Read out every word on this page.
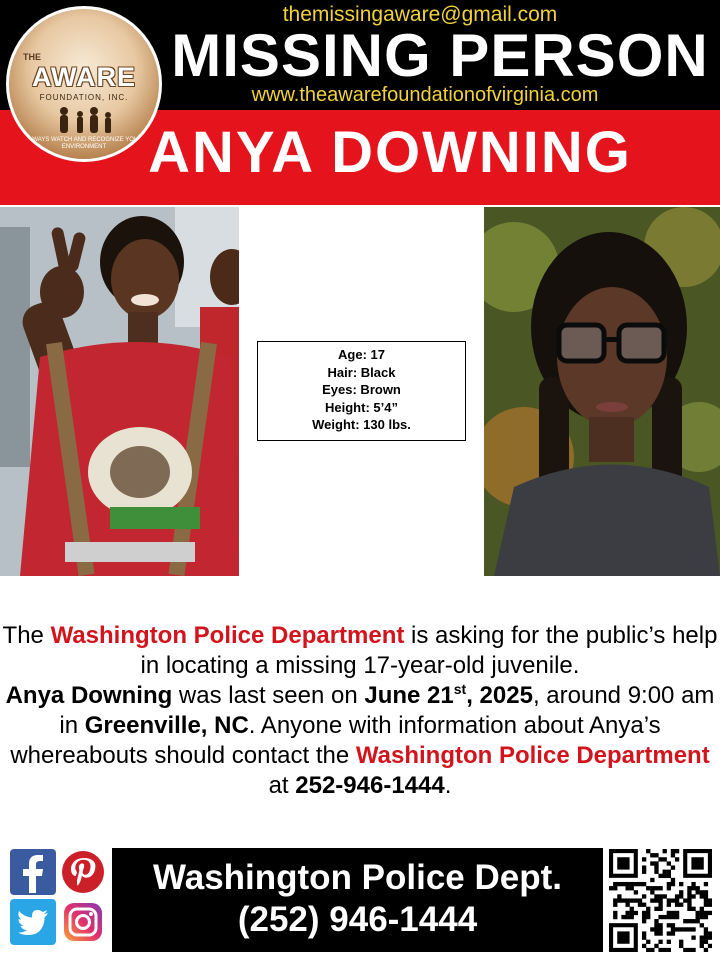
themissingaware@gmail.com
MISSING PERSON
www.theawarefoundationofvirginia.com
ANYA DOWNING
THE
AWARE
FOUNDATION, INC.
ALWAYS WATCH AND RECOGNIZE YOUR ENVIRONMENT
Age: 17
Hair: Black
Eyes: Brown
Height: 5’4”
Weight: 130 lbs.
The Washington Police Department is asking for the public’s help in locating a missing 17-year-old juvenile.
Anya Downing was last seen on June 21st, 2025, around 9:00 am in Greenville, NC. Anyone with information about Anya’s whereabouts should contact the Washington Police Department at 252-946-1444.
Washington Police Dept.
(252) 946-1444
